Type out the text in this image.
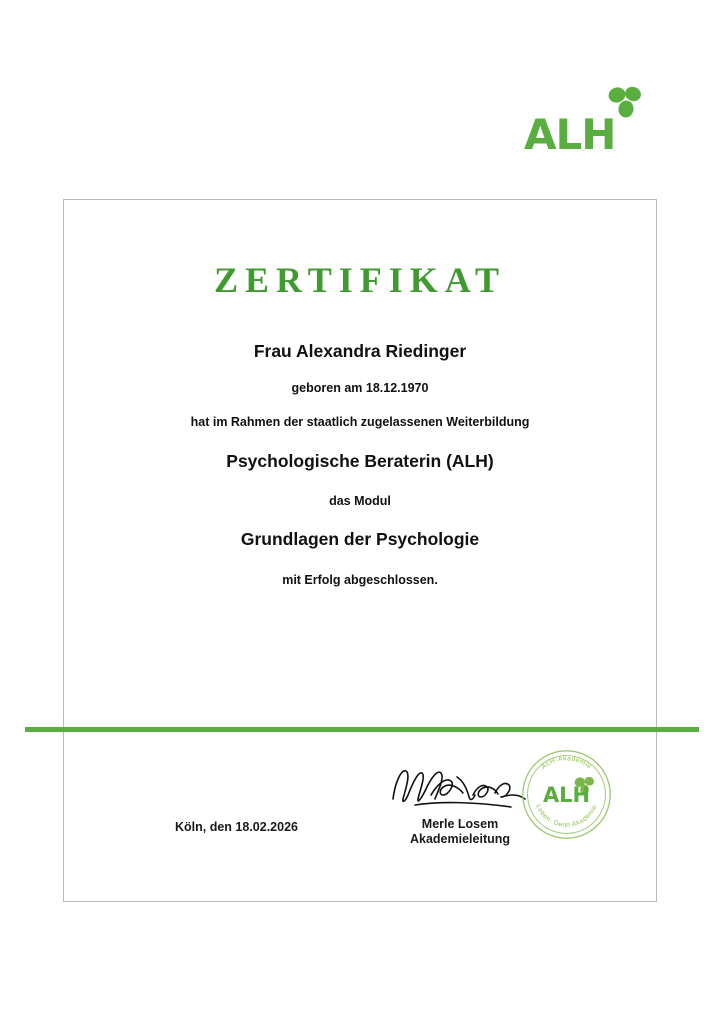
ALH
ZERTIFIKAT
Frau Alexandra Riedinger
geboren am 18.12.1970
hat im Rahmen der staatlich zugelassenen Weiterbildung
Psychologische Beraterin (ALH)
das Modul
Grundlagen der Psychologie
mit Erfolg abgeschlossen.
Köln, den 18.02.2026	Merle Losem
Akademieleitung
ALH-Akademie
Leben. Denn Akademie
ALH
